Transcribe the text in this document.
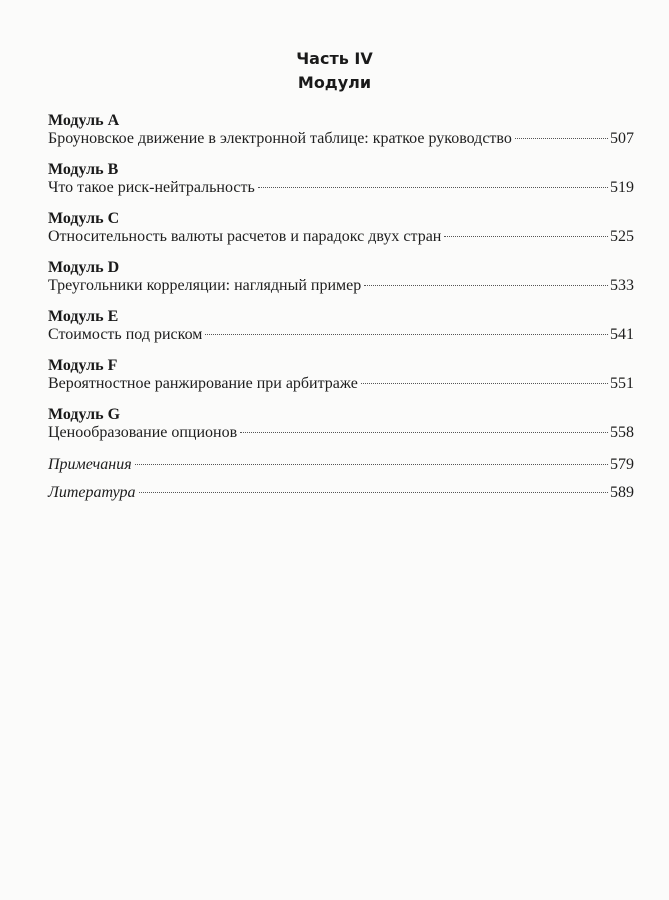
Часть IV
Модули
Модуль A
Броуновское движение в электронной таблице: краткое руководство	507
Модуль B
Что такое риск-нейтральность	519
Модуль C
Относительность валюты расчетов и парадокс двух стран	525
Модуль D
Треугольники корреляции: наглядный пример	533
Модуль E
Стоимость под риском	541
Модуль F
Вероятностное ранжирование при арбитраже	551
Модуль G
Ценообразование опционов	558
Примечания	579
Литература	589
